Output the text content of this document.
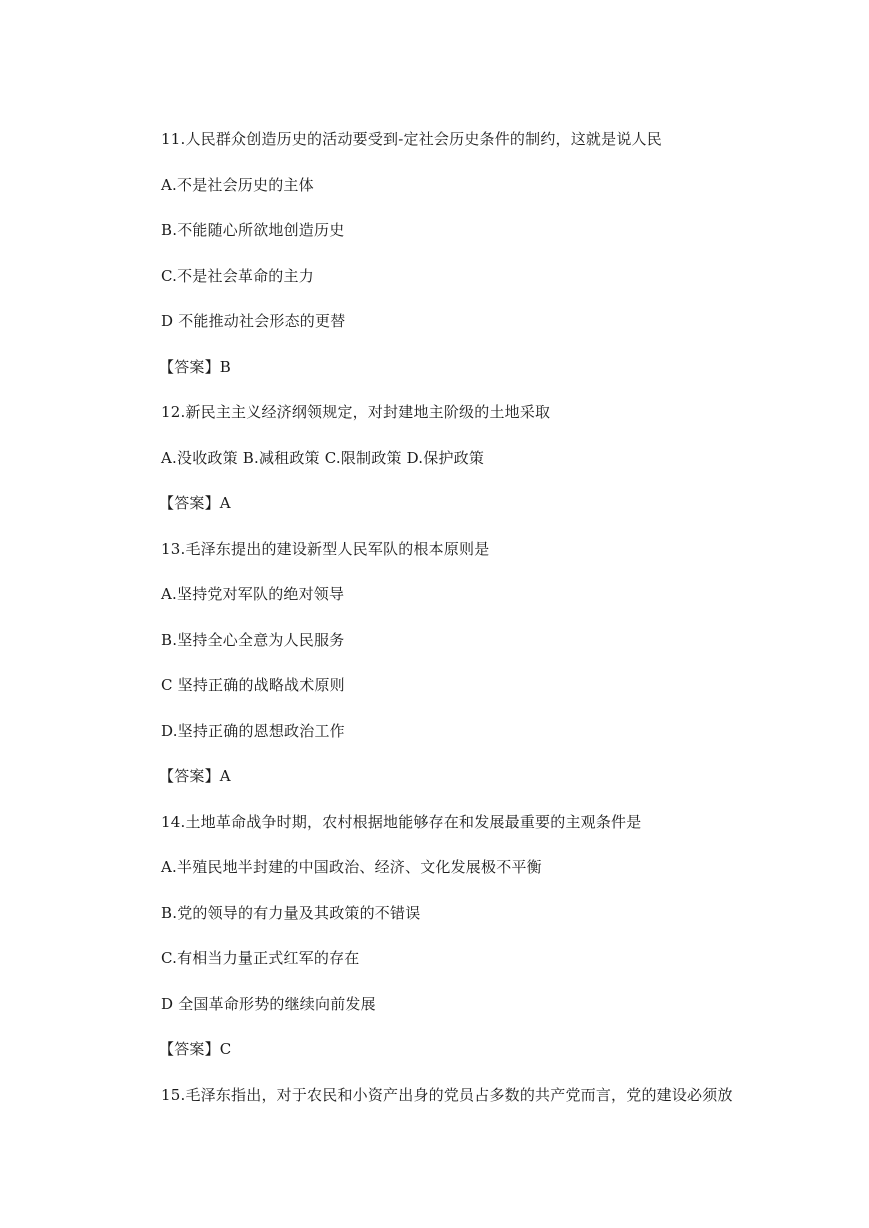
11.人民群众创造历史的活动要受到-定社会历史条件的制约，这就是说人民
A.不是社会历史的主体
B.不能随心所欲地创造历史
C.不是社会革命的主力
D 不能推动社会形态的更替
【答案】B
12.新民主主义经济纲领规定，对封建地主阶级的土地采取
A.没收政策 B.减租政策 C.限制政策 D.保护政策
【答案】A
13.毛泽东提出的建设新型人民军队的根本原则是
A.坚持党对军队的绝对领导
B.坚持全心全意为人民服务
C 坚持正确的战略战术原则
D.坚持正确的恩想政治工作
【答案】A
14.土地革命战争时期，农村根据地能够存在和发展最重要的主观条件是
A.半殖民地半封建的中国政治、经济、文化发展极不平衡
B.党的领导的有力量及其政策的不错误
C.有相当力量正式红军的存在
D 全国革命形势的继续向前发展
【答案】C
15.毛泽东指出，对于农民和小资产出身的党员占多数的共产党而言，党的建设必须放
